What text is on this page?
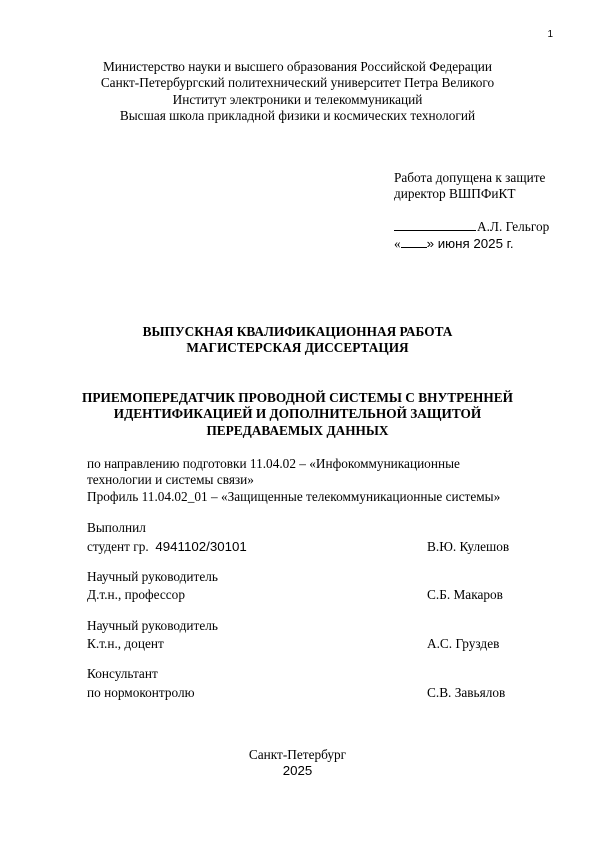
1
Министерство науки и высшего образования Российской Федерации
Санкт-Петербургский политехнический университет Петра Великого
Институт электроники и телекоммуникаций
Высшая школа прикладной физики и космических технологий
Работа допущена к защите
директор ВШПФиКТ
А.Л. Гельгор
« » июня 2025 г.
ВЫПУСКНАЯ КВАЛИФИКАЦИОННАЯ РАБОТА
МАГИСТЕРСКАЯ ДИССЕРТАЦИЯ
ПРИЕМОПЕРЕДАТЧИК ПРОВОДНОЙ СИСТЕМЫ С ВНУТРЕННЕЙ
ИДЕНТИФИКАЦИЕЙ И ДОПОЛНИТЕЛЬНОЙ ЗАЩИТОЙ
ПЕРЕДАВАЕМЫХ ДАННЫХ
по направлению подготовки 11.04.02 – «Инфокоммуникационные
технологии и системы связи»
Профиль 11.04.02_01 – «Защищенные телекоммуникационные системы»
Выполнил
студент гр. 4941102/30101	В.Ю. Кулешов
Научный руководитель
Д.т.н., профессор	С.Б. Макаров
Научный руководитель
К.т.н., доцент	А.С. Груздев
Консультант
по нормоконтролю	С.В. Завьялов
Санкт-Петербург
2025
